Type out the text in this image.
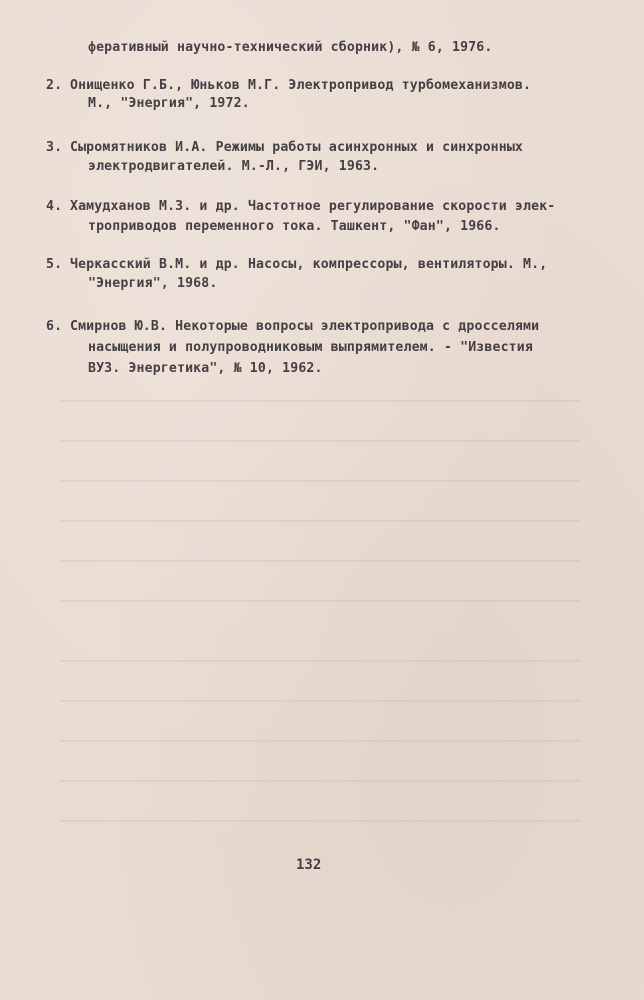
феративный научно-технический сборник), № 6, 1976.
2. Онищенко Г.Б., Юньков М.Г. Электропривод турбомеханизмов.
М., "Энергия", 1972.
3. Сыромятников И.А. Режимы работы асинхронных и синхронных
электродвигателей. М.-Л., ГЭИ, 1963.
4. Хамудханов М.З. и др. Частотное регулирование скорости элек-
троприводов переменного тока. Ташкент, "Фан", 1966.
5. Черкасский В.М. и др. Насосы, компрессоры, вентиляторы. М.,
"Энергия", 1968.
6. Смирнов Ю.В. Некоторые вопросы электропривода с дросселями
насыщения и полупроводниковым выпрямителем. - "Известия
ВУЗ. Энергетика", № 10, 1962.
132
